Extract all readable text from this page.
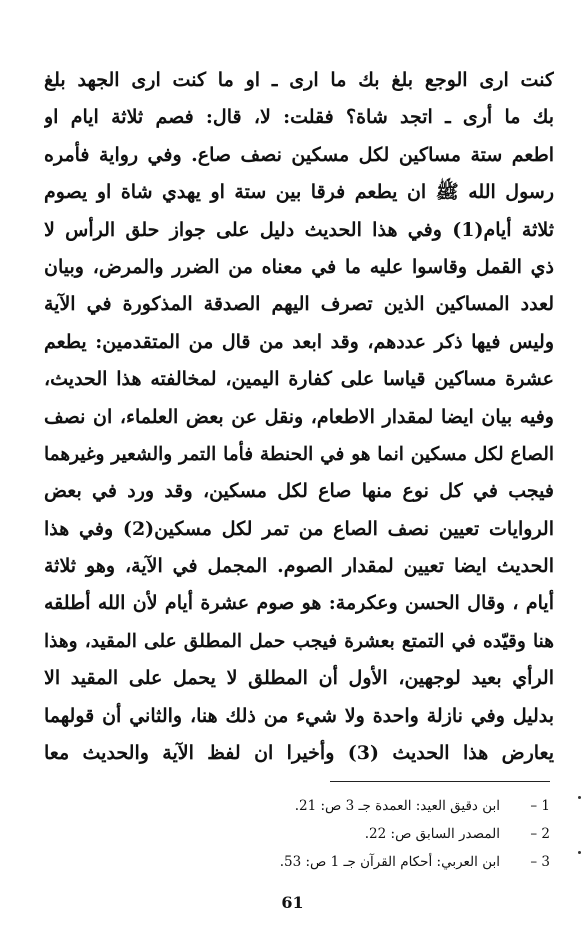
كنت ارى الوجع بلغ بك ما ارى ـ او ما كنت ارى الجهد بلغ
بك ما أرى ـ اتجد شاة؟ فقلت: لا، قال: فصم ثلاثة ايام او
اطعم ستة مساكين لكل مسكين نصف صاع. وفي رواية فأمره
رسول الله ﷺ ان يطعم فرقا بين ستة او يهدي شاة او يصوم
ثلاثة أيام(1) وفي هذا الحديث دليل على جواز حلق الرأس لا
ذي القمل وقاسوا عليه ما في معناه من الضرر والمرض، وبيان
لعدد المساكين الذين تصرف اليهم الصدقة المذكورة في الآية
وليس فيها ذكر عددهم، وقد ابعد من قال من المتقدمين: يطعم
عشرة مساكين قياسا على كفارة اليمين، لمخالفته هذا الحديث،
وفيه بيان ايضا لمقدار الاطعام، ونقل عن بعض العلماء، ان نصف
الصاع لكل مسكين انما هو في الحنطة فأما التمر والشعير وغيرهما
فيجب في كل نوع منها صاع لكل مسكين، وقد ورد في بعض
الروايات تعيين نصف الصاع من تمر لكل مسكين(2) وفي هذا
الحديث ايضا تعيين لمقدار الصوم. المجمل في الآية، وهو ثلاثة
أيام ، وقال الحسن وعكرمة: هو صوم عشرة أيام لأن الله أطلقه
هنا وقيّده في التمتع بعشرة فيجب حمل المطلق على المقيد، وهذا
الرأي بعيد لوجهين، الأول أن المطلق لا يحمل على المقيد الا
بدليل وفي نازلة واحدة ولا شيء من ذلك هنا، والثاني أن قولهما
يعارض هذا الحديث (3) وأخيرا ان لفظ الآية والحديث معا
1 –
ابن دقيق العيد: العمدة جـ 3 ص: 21.
2 –
المصدر السابق ص: 22.
3 –
ابن العربي: أحكام القرآن جـ 1 ص: 53.
61
